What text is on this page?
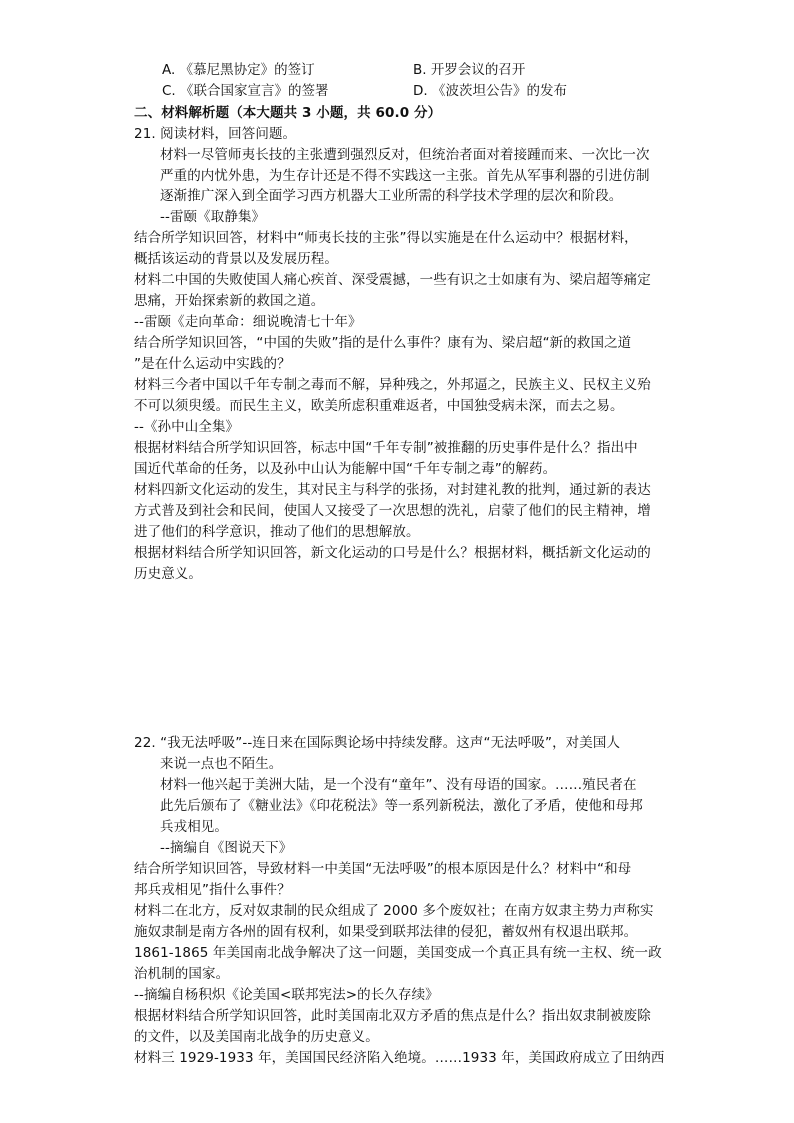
A. 《慕尼黑协定》的签订	B. 开罗会议的召开
C. 《联合国家宣言》的签署	D. 《波茨坦公告》的发布
二、材料解析题（本大题共 3 小题，共 60.0 分）
21. 阅读材料，回答问题。
材料一尽管师夷长技的主张遭到强烈反对，但统治者面对着接踵而来、一次比一次
严重的内忧外患，为生存计还是不得不实践这一主张。首先从军事利器的引进仿制
逐渐推广深入到全面学习西方机器大工业所需的科学技术学理的层次和阶段。
--雷颐《取静集》
结合所学知识回答，材料中“师夷长技的主张”得以实施是在什么运动中？根据材料，
概括该运动的背景以及发展历程。
材料二中国的失败使国人痛心疾首、深受震撼，一些有识之士如康有为、梁启超等痛定
思痛，开始探索新的救国之道。
--雷颐《走向革命：细说晚清七十年》
结合所学知识回答，“中国的失败”指的是什么事件？康有为、梁启超“新的救国之道
”是在什么运动中实践的？
材料三今者中国以千年专制之毒而不解，异种残之，外邦逼之，民族主义、民权主义殆
不可以须臾缓。而民生主义，欧美所虑积重难返者，中国独受病未深，而去之易。
--《孙中山全集》
根据材料结合所学知识回答，标志中国“千年专制”被推翻的历史事件是什么？指出中
国近代革命的任务，以及孙中山认为能解中国“千年专制之毒”的解药。
材料四新文化运动的发生，其对民主与科学的张扬，对封建礼教的批判，通过新的表达
方式普及到社会和民间，使国人又接受了一次思想的洗礼，启蒙了他们的民主精神，增
进了他们的科学意识，推动了他们的思想解放。
根据材料结合所学知识回答，新文化运动的口号是什么？根据材料，概括新文化运动的
历史意义。
22. “我无法呼吸”--连日来在国际舆论场中持续发酵。这声“无法呼吸”，对美国人
来说一点也不陌生。
材料一他兴起于美洲大陆，是一个没有“童年”、没有母语的国家。……殖民者在
此先后颁布了《糖业法》《印花税法》等一系列新税法，激化了矛盾，使他和母邦
兵戎相见。
--摘编自《图说天下》
结合所学知识回答，导致材料一中美国“无法呼吸”的根本原因是什么？材料中“和母
邦兵戎相见”指什么事件？
材料二在北方，反对奴隶制的民众组成了 2000 多个废奴社；在南方奴隶主势力声称实
施奴隶制是南方各州的固有权利，如果受到联邦法律的侵犯，蓄奴州有权退出联邦。
1861-1865 年美国南北战争解决了这一问题，美国变成一个真正具有统一主权、统一政
治机制的国家。
--摘编自杨积炽《论美国<联邦宪法>的长久存续》
根据材料结合所学知识回答，此时美国南北双方矛盾的焦点是什么？指出奴隶制被废除
的文件，以及美国南北战争的历史意义。
材料三 1929-1933 年，美国国民经济陷入绝境。……1933 年，美国政府成立了田纳西
